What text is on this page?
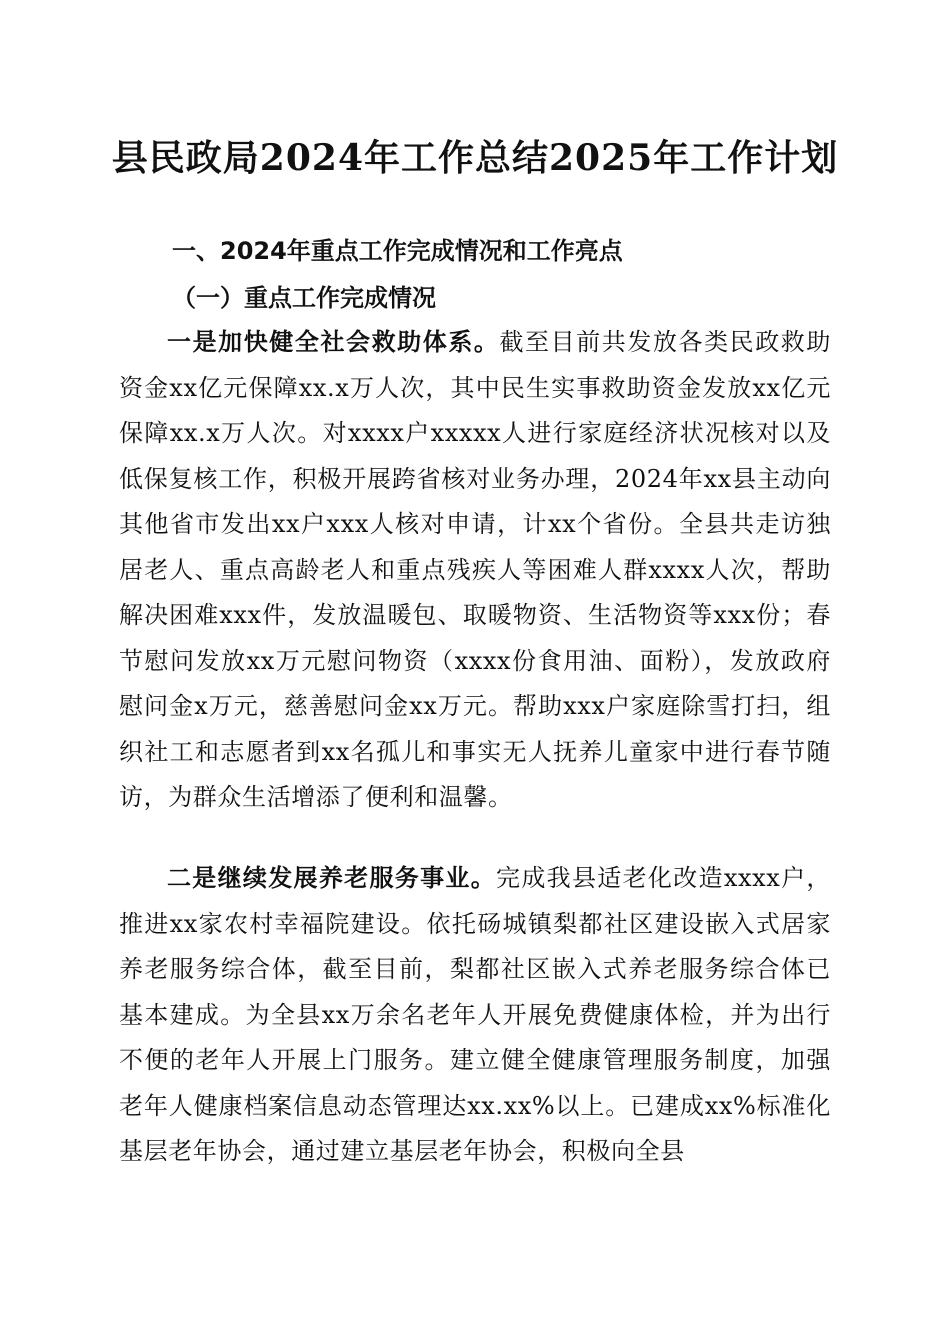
县民政局2024年工作总结2025年工作计划
一、2024年重点工作完成情况和工作亮点
（一）重点工作完成情况

一是加快健全社会救助体系。截至目前共发放各类民政救助资金xx亿元保障xx.x万人次，其中民生实事救助资金发放xx亿元保障xx.x万人次。对xxxx户xxxxx人进行家庭经济状况核对以及低保复核工作，积极开展跨省核对业务办理，2024年xx县主动向其他省市发出xx户xxx人核对申请，计xx个省份。全县共走访独居老人、重点高龄老人和重点残疾人等困难人群xxxx人次，帮助解决困难xxx件，发放温暖包、取暖物资、生活物资等xxx份；春节慰问发放xx万元慰问物资（xxxx份食用油、面粉），发放政府慰问金x万元，慈善慰问金xx万元。帮助xxx户家庭除雪打扫，组织社工和志愿者到xx名孤儿和事实无人抚养儿童家中进行春节随访，为群众生活增添了便利和温馨。

二是继续发展养老服务事业。完成我县适老化改造xxxx户，推进xx家农村幸福院建设。依托砀城镇梨都社区建设嵌入式居家养老服务综合体，截至目前，梨都社区嵌入式养老服务综合体已基本建成。为全县xx万余名老年人开展免费健康体检，并为出行不便的老年人开展上门服务。建立健全健康管理服务制度，加强老年人健康档案信息动态管理达xx.xx%以上。已建成xx%标准化基层老年协会，通过建立基层老年协会，积极向全县
